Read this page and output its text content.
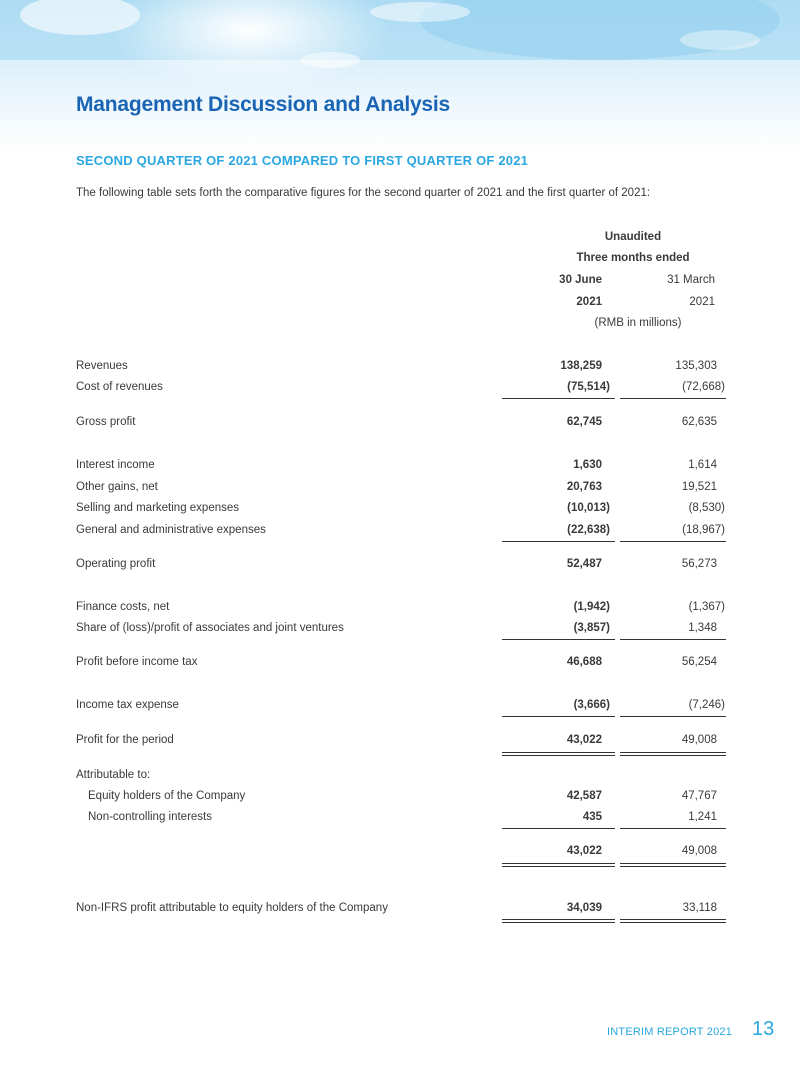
Management Discussion and Analysis
SECOND QUARTER OF 2021 COMPARED TO FIRST QUARTER OF 2021
The following table sets forth the comparative figures for the second quarter of 2021 and the first quarter of 2021:
Unaudited
Three months ended
30 June	31 March
2021	2021
(RMB in millions)
Revenues	138,259	135,303
Cost of revenues	(75,514)	(72,668)
Gross profit	62,745	62,635
Interest income	1,630	1,614
Other gains, net	20,763	19,521
Selling and marketing expenses	(10,013)	(8,530)
General and administrative expenses	(22,638)	(18,967)
Operating profit	52,487	56,273
Finance costs, net	(1,942)	(1,367)
Share of (loss)/profit of associates and joint ventures	(3,857)	1,348
Profit before income tax	46,688	56,254
Income tax expense	(3,666)	(7,246)
Profit for the period	43,022	49,008
Attributable to:
Equity holders of the Company	42,587	47,767
Non-controlling interests	435	1,241
43,022	49,008
Non-IFRS profit attributable to equity holders of the Company	34,039	33,118
INTERIM REPORT 2021 13
